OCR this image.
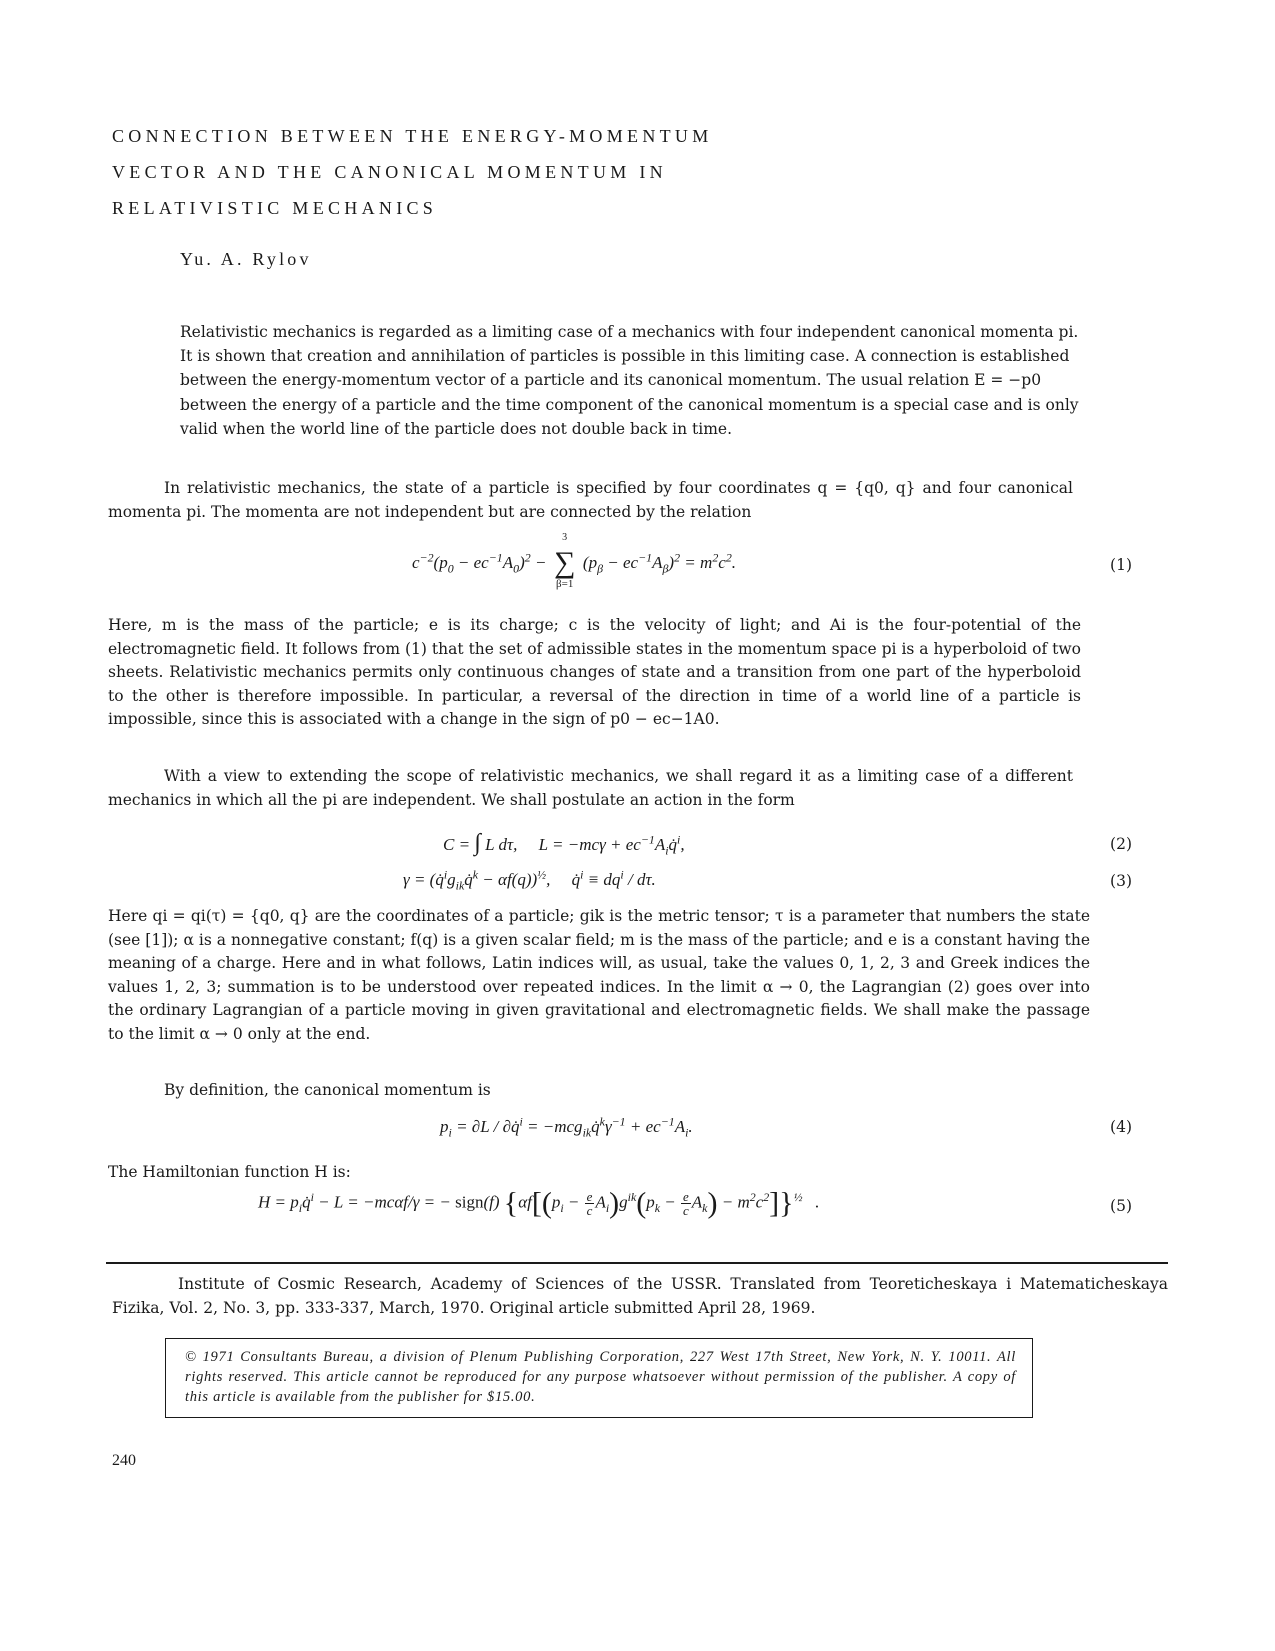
CONNECTION BETWEEN THE ENERGY-MOMENTUM
VECTOR AND THE CANONICAL MOMENTUM IN
RELATIVISTIC MECHANICS
Yu. A. Rylov
Relativistic mechanics is regarded as a limiting case of a mechanics with four independent canonical momenta pi. It is shown that creation and annihilation of particles is possible in this limiting case. A connection is established between the energy-momentum vector of a particle and its canonical momentum. The usual relation E = −p0 between the energy of a particle and the time component of the canonical momentum is a special case and is only valid when the world line of the particle does not double back in time.
In relativistic mechanics, the state of a particle is specified by four coordinates q = {q0, q} and four canonical momenta pi. The momenta are not independent but are connected by the relation
$c^{-2}(p_0 - ec^{-1}A_0)^2$ −
3
∑
β=1
$(p_\beta - ec^{-1}A_\beta)^2 = m^2c^2$.	(1)
Here, m is the mass of the particle; e is its charge; c is the velocity of light; and Ai is the four-potential of the electromagnetic field. It follows from (1) that the set of admissible states in the momentum space pi is a hyperboloid of two sheets. Relativistic mechanics permits only continuous changes of state and a transition from one part of the hyperboloid to the other is therefore impossible. In particular, a reversal of the direction in time of a world line of a particle is impossible, since this is associated with a change in the sign of p0 − ec−1A0.
With a view to extending the scope of relativistic mechanics, we shall regard it as a limiting case of a different mechanics in which all the pi are independent. We shall postulate an action in the form
C = ∫ L dτ,     $L = -mc\gamma + ec^{-1}A_iq̇^i$,	(2)
$\gamma = (q̇^ig_{ik}q̇^k - \alpha f(q))^{\frac{1}{2}}$,     q̇$^i$ ≡ $dq^i$ / dτ.	(3)
Here qi = qi(τ) = {q0, q} are the coordinates of a particle; gik is the metric tensor; τ is a parameter that numbers the state (see [1]); α is a nonnegative constant; f(q) is a given scalar field; m is the mass of the particle; and e is a constant having the meaning of a charge. Here and in what follows, Latin indices will, as usual, take the values 0, 1, 2, 3 and Greek indices the values 1, 2, 3; summation is to be understood over repeated indices. In the limit α → 0, the Lagrangian (2) goes over into the ordinary Lagrangian of a particle moving in given gravitational and electromagnetic fields. We shall make the passage to the limit α → 0 only at the end.
By definition, the canonical momentum is
$p_i = \partial L$ / ∂q̇$^i$ = $-mcg_{ik}q̇^k\gamma^{-1} + ec^{-1}A_i$.	(4)
The Hamiltonian function H is:
$H = p_iq̇^i - L = -mc\alpha f/\gamma$ = − sign(f) $\{\alpha f[(p_i - \frac{e}{c} A_i)g^{ik}(p_k - \frac{e}{c} A_k) - m^2c^2]\}^{\frac{1}{2}}$   .	(5)
Institute of Cosmic Research, Academy of Sciences of the USSR. Translated from Teoreticheskaya i Matematicheskaya Fizika, Vol. 2, No. 3, pp. 333-337, March, 1970. Original article submitted April 28, 1969.
© 1971 Consultants Bureau, a division of Plenum Publishing Corporation, 227 West 17th Street, New York, N. Y. 10011. All rights reserved. This article cannot be reproduced for any purpose whatsoever without permission of the publisher. A copy of this article is available from the publisher for $15.00.
240
